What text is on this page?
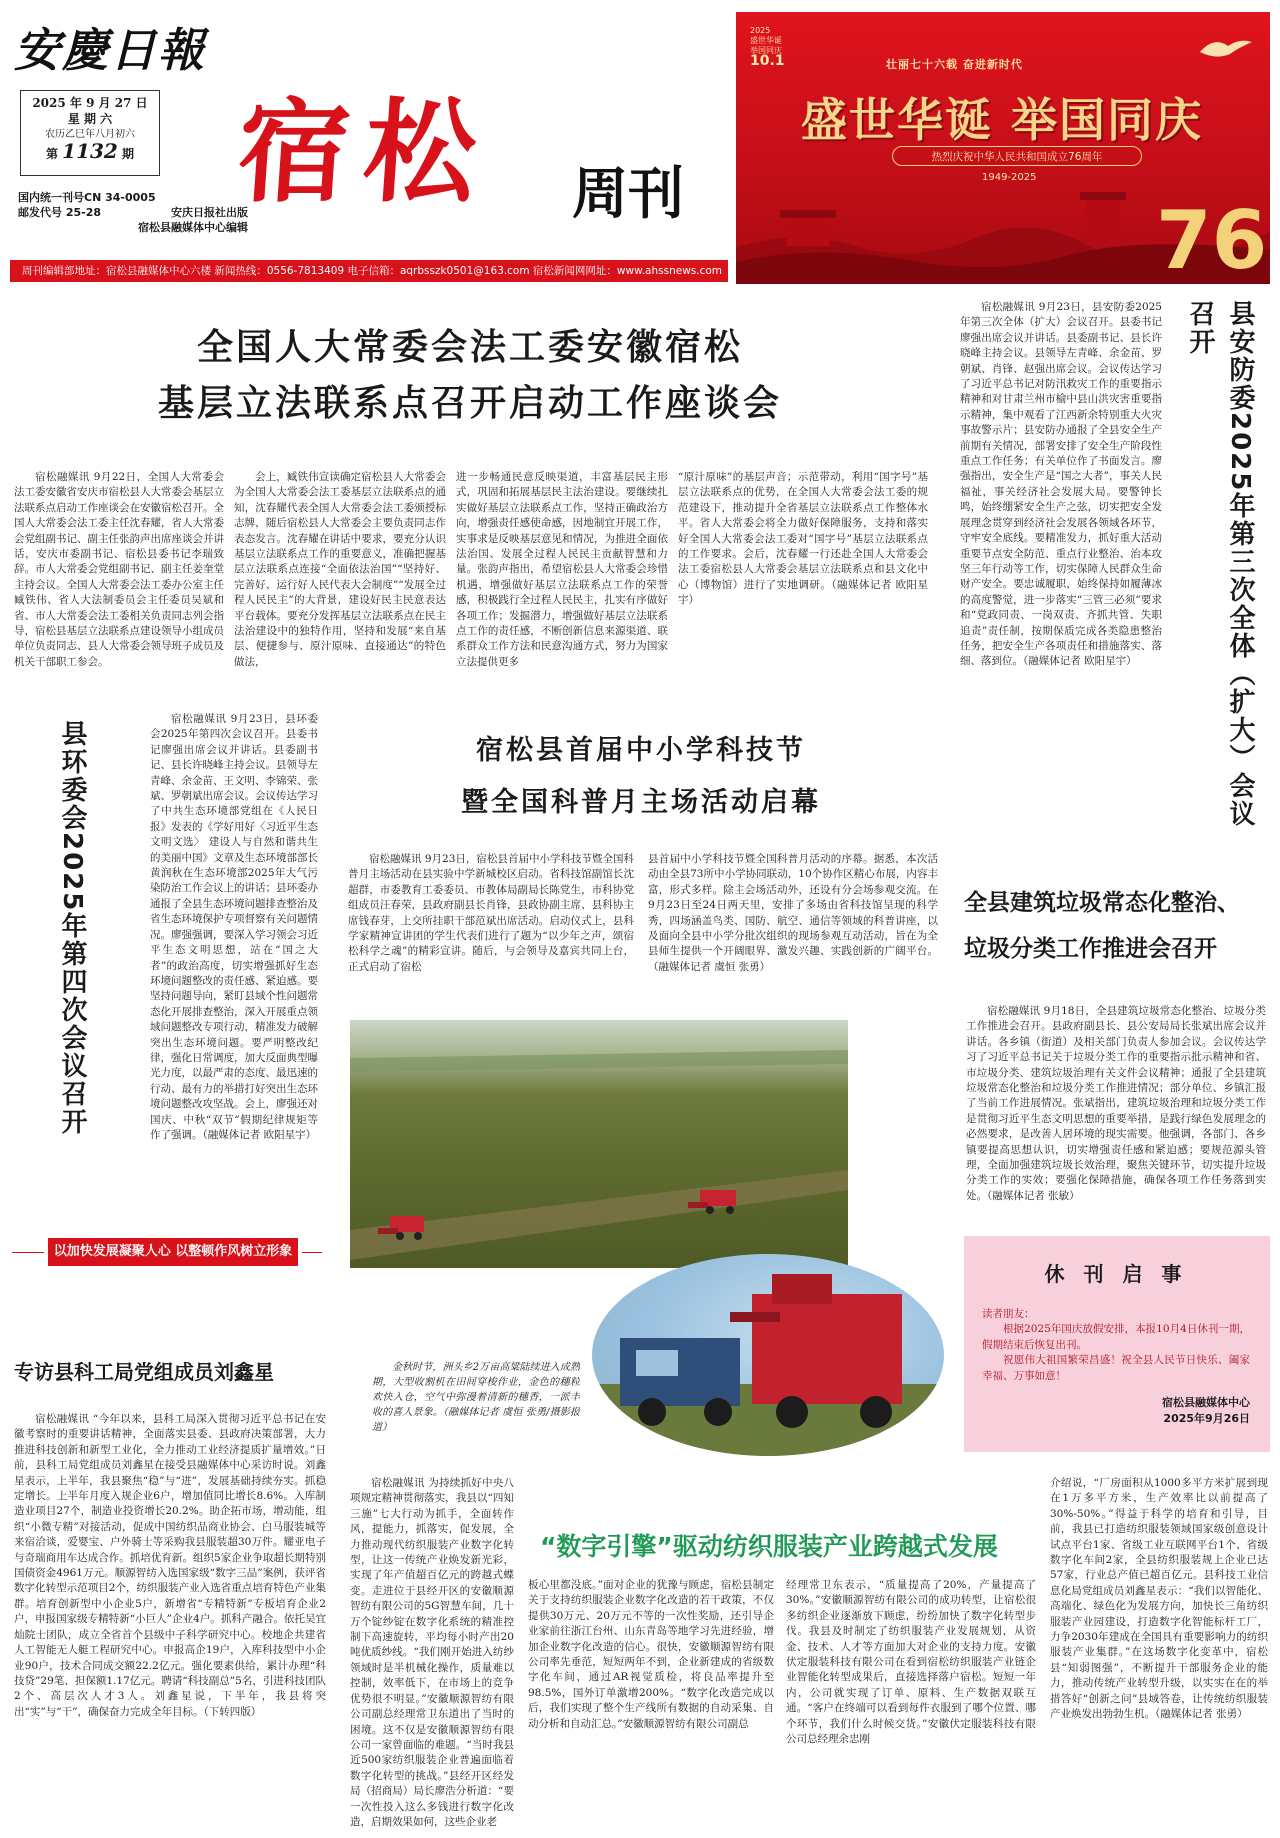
安慶日報
2025 年 9 月 27 日
星 期 六
农历乙巳年八月初六
第 1132 期
国内统一刊号CN 34-0005
邮发代号 25-28	安庆日报社出版
宿松县融媒体中心编辑
宿松 周刊
周刊编辑部地址：宿松县融媒体中心六楼 新闻热线：0556-7813409 电子信箱：aqrbsszk0501@163.com 宿松新闻网网址：www.ahssnews.com
2025
盛世华诞 举国同庆
10.1	壮丽七十六载 奋进新时代
盛世华诞 举国同庆
热烈庆祝中华人民共和国成立76周年
1949-2025
76
全国人大常委会法工委安徽宿松
基层立法联系点召开启动工作座谈会
宿松融媒讯 9月22日，全国人大常委会法工委安徽省安庆市宿松县人大常委会基层立法联系点启动工作座谈会在安徽宿松召开。全国人大常委会法工委主任沈春耀，省人大常委会党组副书记、副主任张韵声出席座谈会并讲话，安庆市委副书记、宿松县委书记李瑞致辞。市人大常委会党组副书记、副主任姜奎堂主持会议。全国人大常委会法工委办公室主任臧铁伟、省人大法制委员会主任委员吴斌和省、市人大常委会法工委相关负责同志列会指导，宿松县基层立法联系点建设领导小组成员单位负责同志、县人大常委会领导班子成员及机关干部职工参会。
会上，臧铁伟宣读确定宿松县人大常委会为全国人大常委会法工委基层立法联系点的通知，沈春耀代表全国人大常委会法工委颁授标志牌，随后宿松县人大常委会主要负责同志作表态发言。沈春耀在讲话中要求，要充分认识基层立法联系点工作的重要意义，准确把握基层立法联系点连接“全面依法治国”“坚持好、完善好、运行好人民代表大会制度”“发展全过程人民民主”的大背景，建设好民主民意表达平台载体。要充分发挥基层立法联系点在民主法治建设中的独特作用，坚持和发展“来自基层、便捷参与、原汁原味、直接通达”的特色做法，
进一步畅通民意反映渠道，丰富基层民主形式，巩固和拓展基层民主法治建设。要继续扎实做好基层立法联系点工作，坚持正确政治方向，增强责任感使命感，因地制宜开展工作，实事求是反映基层意见和情况，为推进全面依法治国、发展全过程人民民主贡献智慧和力量。张韵声指出，希望宿松县人大常委会珍惜机遇，增强做好基层立法联系点工作的荣誉感，积极践行全过程人民民主，扎实有序做好各项工作；发掘潜力，增强做好基层立法联系点工作的责任感，不断创新信息来源渠道、联系群众工作方法和民意沟通方式，努力为国家立法提供更多
“原汁原味”的基层声音；示范带动，利用“国字号”基层立法联系点的优势，在全国人大常委会法工委的规范建设下，推动提升全省基层立法联系点工作整体水平。省人大常委会将全力做好保障服务，支持和落实好全国人大常委会法工委对“国字号”基层立法联系点的工作要求。会后，沈春耀一行还赴全国人大常委会法工委宿松县人大常委会基层立法联系点和县文化中心（博物馆）进行了实地调研。（融媒体记者 欧阳星宇）
宿松融媒讯 9月23日，县安防委2025年第三次全体（扩大）会议召开。县委书记廖强出席会议并讲话。县委副书记、县长许晓峰主持会议。县领导左青峰、余金苗、罗朝斌、肖锋、赵强出席会议。会议传达学习了习近平总书记对防汛救灾工作的重要指示精神和对甘肃兰州市榆中县山洪灾害重要指示精神，集中观看了江西新余特别重大火灾事故警示片；县安防办通报了全县安全生产前期有关情况，部署安排了安全生产阶段性重点工作任务；有关单位作了书面发言。廖强指出，安全生产是“国之大者”，事关人民福祉，事关经济社会发展大局。要警钟长鸣，始终绷紧安全生产之弦，切实把安全发展理念贯穿到经济社会发展各领域各环节，守牢安全底线。要精准发力，抓好重大活动重要节点安全防范、重点行业整治、治本攻坚三年行动等工作，切实保障人民群众生命财产安全。要忠诚履职，始终保持如履薄冰的高度警觉，进一步落实“三管三必须”要求和“党政同责、一岗双责、齐抓共管、失职追责”责任制，按期保质完成各类隐患整治任务，把安全生产各项责任和措施落实、落细、落到位。（融媒体记者 欧阳星宇）	县安防委2025年第三次全体（扩大）会议召开
县环委会2025年第四次会议召开
宿松融媒讯 9月23日，县环委会2025年第四次会议召开。县委书记廖强出席会议并讲话。县委副书记、县长许晓峰主持会议。县领导左青峰、余金苗、王文明、李锦荣、张斌、罗朝斌出席会议。会议传达学习了中共生态环境部党组在《人民日报》发表的《学好用好〈习近平生态文明文选〉 建设人与自然和谐共生的美丽中国》文章及生态环境部部长黄润秋在生态环境部2025年大气污染防治工作会议上的讲话；县环委办通报了全县生态环境问题排查整治及省生态环境保护专项督察有关问题情况。廖强强调，要深入学习领会习近平生态文明思想，站在“国之大者”的政治高度，切实增强抓好生态环境问题整改的责任感、紧迫感。要坚持问题导向，紧盯县域个性问题常态化开展排查整治，深入开展重点领域问题整改专项行动，精准发力破解突出生态环境问题。要严明整改纪律，强化日常调度，加大反面典型曝光力度，以最严肃的态度、最迅速的行动、最有力的举措打好突出生态环境问题整改攻坚战。会上，廖强还对国庆、中秋“双节”假期纪律规矩等作了强调。（融媒体记者 欧阳星宇）
宿松县首届中小学科技节
暨全国科普月主场活动启幕
宿松融媒讯 9月23日，宿松县首届中小学科技节暨全国科普月主场活动在县实验中学新城校区启动。省科技馆副馆长沈超群，市委教育工委委员、市教体局副局长陈党生，市科协党组成员汪春荣，县政府副县长肖锋，县政协副主席、县科协主席钱春芽，上交所挂职干部范斌出席活动。启动仪式上，县科学家精神宣讲团的学生代表们进行了题为“以少年之声，颂宿松科学之魂”的精彩宣讲。随后，与会领导及嘉宾共同上台，正式启动了宿松
县首届中小学科技节暨全国科普月活动的序幕。据悉，本次活动由全县73所中小学协同联动，10个协作区精心布展，内容丰富，形式多样。除主会场活动外，还设有分会场参观交流。在9月23日至24日两天里，安排了多场由省科技馆呈现的科学秀，四场涵盖鸟类、国防、航空、通信等领域的科普讲座，以及面向全县中小学分批次组织的现场参观互动活动，旨在为全县师生提供一个开阔眼界、激发兴趣、实践创新的广阔平台。（融媒体记者 虞恒 张勇）
金秋时节，洲头乡2万亩高粱陆续进入成熟期，大型收割机在田间穿梭作业，金色的穗粒欢快入仓，空气中弥漫着清新的穗香，一派丰收的喜人景象。（融媒体记者 虞恒 张勇/摄影报道）
全县建筑垃圾常态化整治、
垃圾分类工作推进会召开
宿松融媒讯 9月18日，全县建筑垃圾常态化整治、垃圾分类工作推进会召开。县政府副县长、县公安局局长张斌出席会议并讲话。各乡镇（街道）及相关部门负责人参加会议。会议传达学习了习近平总书记关于垃圾分类工作的重要指示批示精神和省、市垃圾分类、建筑垃圾治理有关文件会议精神；通报了全县建筑垃圾常态化整治和垃圾分类工作推进情况；部分单位、乡镇汇报了当前工作进展情况。张斌指出，建筑垃圾治理和垃圾分类工作是贯彻习近平生态文明思想的重要举措，是践行绿色发展理念的必然要求，是改善人居环境的现实需要。他强调，各部门、各乡镇要提高思想认识，切实增强责任感和紧迫感；要规范源头管理，全面加强建筑垃圾长效治理，聚焦关键环节，切实提升垃圾分类工作的实效；要强化保障措施，确保各项工作任务落到实处。（融媒体记者 张敏）
休 刊 启 事
读者朋友：
根据2025年国庆放假安排，本报10月4日休刊一期，假期结束后恢复出刊。
祝愿伟大祖国繁荣昌盛！祝全县人民节日快乐、阖家幸福、万事如意！
宿松县融媒体中心
2025年9月26日
以加快发展凝聚人心 以整顿作风树立形象
专访县科工局党组成员刘鑫星
宿松融媒讯 “今年以来，县科工局深入贯彻习近平总书记在安徽考察时的重要讲话精神，全面落实县委、县政府决策部署，大力推进科技创新和新型工业化，全力推动工业经济提质扩量增效。”日前，县科工局党组成员刘鑫星在接受县融媒体中心采访时说。刘鑫星表示，上半年，我县聚焦“稳”与“进”，发展基础持续夯实。抓稳定增长。上半年月度入规企业6户，增加值同比增长8.6%。入库制造业项目27个，制造业投资增长20.2%。助企拓市场，增动能，组织“小微专精”对接活动，促成中国纺织品商业协会、白马服装城等来宿洽谈，爱婴宝、户外骑士等采购我县服装超30万件。耀亚电子与奇瑞商用车达成合作。抓培优育新。组织5家企业争取超长期特别国债资金4961万元。顺源智纺入选国家级“数字三品”案例，获评省数字化转型示范项目2个，纺织服装产业入选省重点培育特色产业集群。培育创新型中小企业5户，新增省“专精特新”专板培育企业2户，申报国家级专精特新“小巨人”企业4户。抓科产融合。依托吴宜灿院士团队，成立全省首个县级中子科学研究中心。校地企共建省人工智能无人艇工程研究中心。申报高企19户，入库科技型中小企业90户，技术合同成交额22.2亿元。强化要素供给，累计办理“科技贷”29笔、担保额1.17亿元。聘请“科技副总”5名，引进科技团队2个、高层次人才3人。刘鑫星说，下半年，我县将突出“实”与“干”，确保奋力完成全年目标。（下转四版）
“数字引擎”驱动纺织服装产业跨越式发展
宿松融媒讯 为持续抓好中央八项规定精神贯彻落实，我县以“四知三施”七大行动为抓手，全面转作风，提能力，抓落实，促发展，全力推动现代纺织服装产业数字化转型，让这一传统产业焕发新光彩，实现了年产值超百亿元的跨越式蝶变。走进位于县经开区的安徽顺源智纺有限公司的5G智慧车间，几十万个锭纱锭在数字化系统的精准控制下高速旋转，平均每小时产出20吨优质纱线。“我们刚开始进入纺纱领域时是半机械化操作，质量难以控制，效率低下，在市场上的竞争优势很不明显。”安徽顺源智纺有限公司副总经理常卫东道出了当时的困境。这不仅是安徽顺源智纺有限公司一家曾面临的难题。“当时我县近500家纺织服装企业普遍面临着数字化转型的挑战。”县经开区经发局（招商局）局长廖浩分析道：“要一次性投入这么多钱进行数字化改造，启期效果如何，这些企业老
板心里都没底。”面对企业的犹豫与顾虑，宿松县制定关于支持纺织服装企业数字化改造的若干政策，不仅提供30万元、20万元不等的一次性奖励，还引导企业家前往浙江台州、山东青岛等地学习先进经验，增加企业数字化改造的信心。很快，安徽顺源智纺有限公司率先垂范，短短两年不到，企业新建成的省级数字化车间，通过AR视觉质检，将良品率提升至98.5%，国外订单激增200%。“数字化改造完成以后，我们实现了整个生产线所有数据的自动采集、自动分析和自动汇总。”安徽顺源智纺有限公司副总
经理常卫东表示，“质量提高了20%，产量提高了30%。”安徽顺源智纺有限公司的成功转型，让宿松很多纺织企业逐渐放下顾虑，纷纷加快了数字化转型步伐。我县及时制定了纺织服装产业发展规划，从资金、技术、人才等方面加大对企业的支持力度。安徽伏定服装科技有限公司在看到宿松纺织服装产业链企业智能化转型成果后，直接选择落户宿松。短短一年内，公司就实现了订单、原料、生产数据双联互通。“客户在终端可以看到每件衣服到了哪个位置、哪个环节，我们什么时候交货。”安徽伏定服装科技有限公司总经理余忠刚
介绍说，“厂房面积从1000多平方米扩展到现在1万多平方米，生产效率比以前提高了30%-50%。”得益于科学的培育和引导，目前，我县已打造纺织服装领域国家级创意设计试点平台1家、省级工业互联网平台1个、省级数字化车间2家，全县纺织服装规上企业已达57家，行业总产值已超百亿元。县科技工业信息化局党组成员刘鑫星表示：“我们以智能化、高端化、绿色化为发展方向，加快长三角纺织服装产业园建设，打造数字化智能标杆工厂，力争2030年建成在全国具有重要影响力的纺织服装产业集群。”在这场数字化变革中，宿松县“知弱图强”，不断提升干部服务企业的能力，推动传统产业转型升级，以实实在在的举措答好“创新之问”县域答卷，让传统纺织服装产业焕发出勃勃生机。（融媒体记者 张勇）
